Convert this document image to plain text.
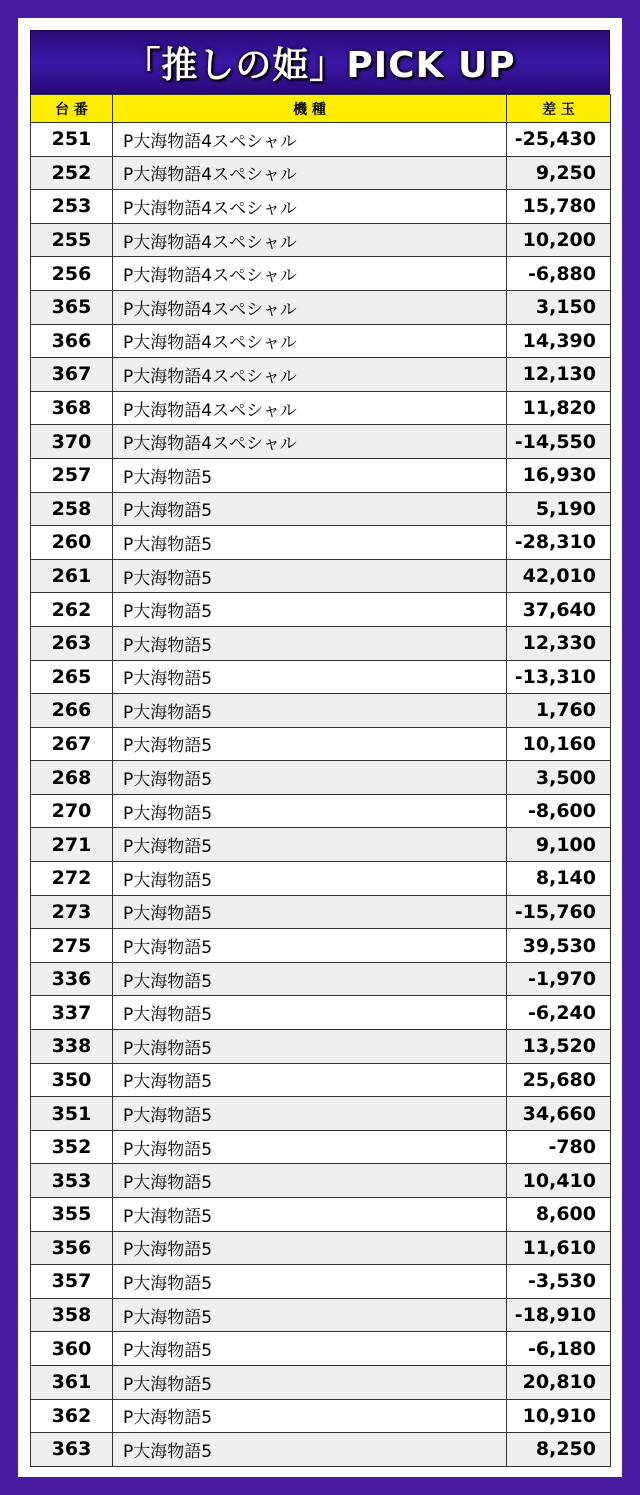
「推しの姫」PICK UP
台 番	機 種	差 玉
251	P大海物語4スペシャル	-25,430
252	P大海物語4スペシャル	9,250
253	P大海物語4スペシャル	15,780
255	P大海物語4スペシャル	10,200
256	P大海物語4スペシャル	-6,880
365	P大海物語4スペシャル	3,150
366	P大海物語4スペシャル	14,390
367	P大海物語4スペシャル	12,130
368	P大海物語4スペシャル	11,820
370	P大海物語4スペシャル	-14,550
257	P大海物語5	16,930
258	P大海物語5	5,190
260	P大海物語5	-28,310
261	P大海物語5	42,010
262	P大海物語5	37,640
263	P大海物語5	12,330
265	P大海物語5	-13,310
266	P大海物語5	1,760
267	P大海物語5	10,160
268	P大海物語5	3,500
270	P大海物語5	-8,600
271	P大海物語5	9,100
272	P大海物語5	8,140
273	P大海物語5	-15,760
275	P大海物語5	39,530
336	P大海物語5	-1,970
337	P大海物語5	-6,240
338	P大海物語5	13,520
350	P大海物語5	25,680
351	P大海物語5	34,660
352	P大海物語5	-780
353	P大海物語5	10,410
355	P大海物語5	8,600
356	P大海物語5	11,610
357	P大海物語5	-3,530
358	P大海物語5	-18,910
360	P大海物語5	-6,180
361	P大海物語5	20,810
362	P大海物語5	10,910
363	P大海物語5	8,250
